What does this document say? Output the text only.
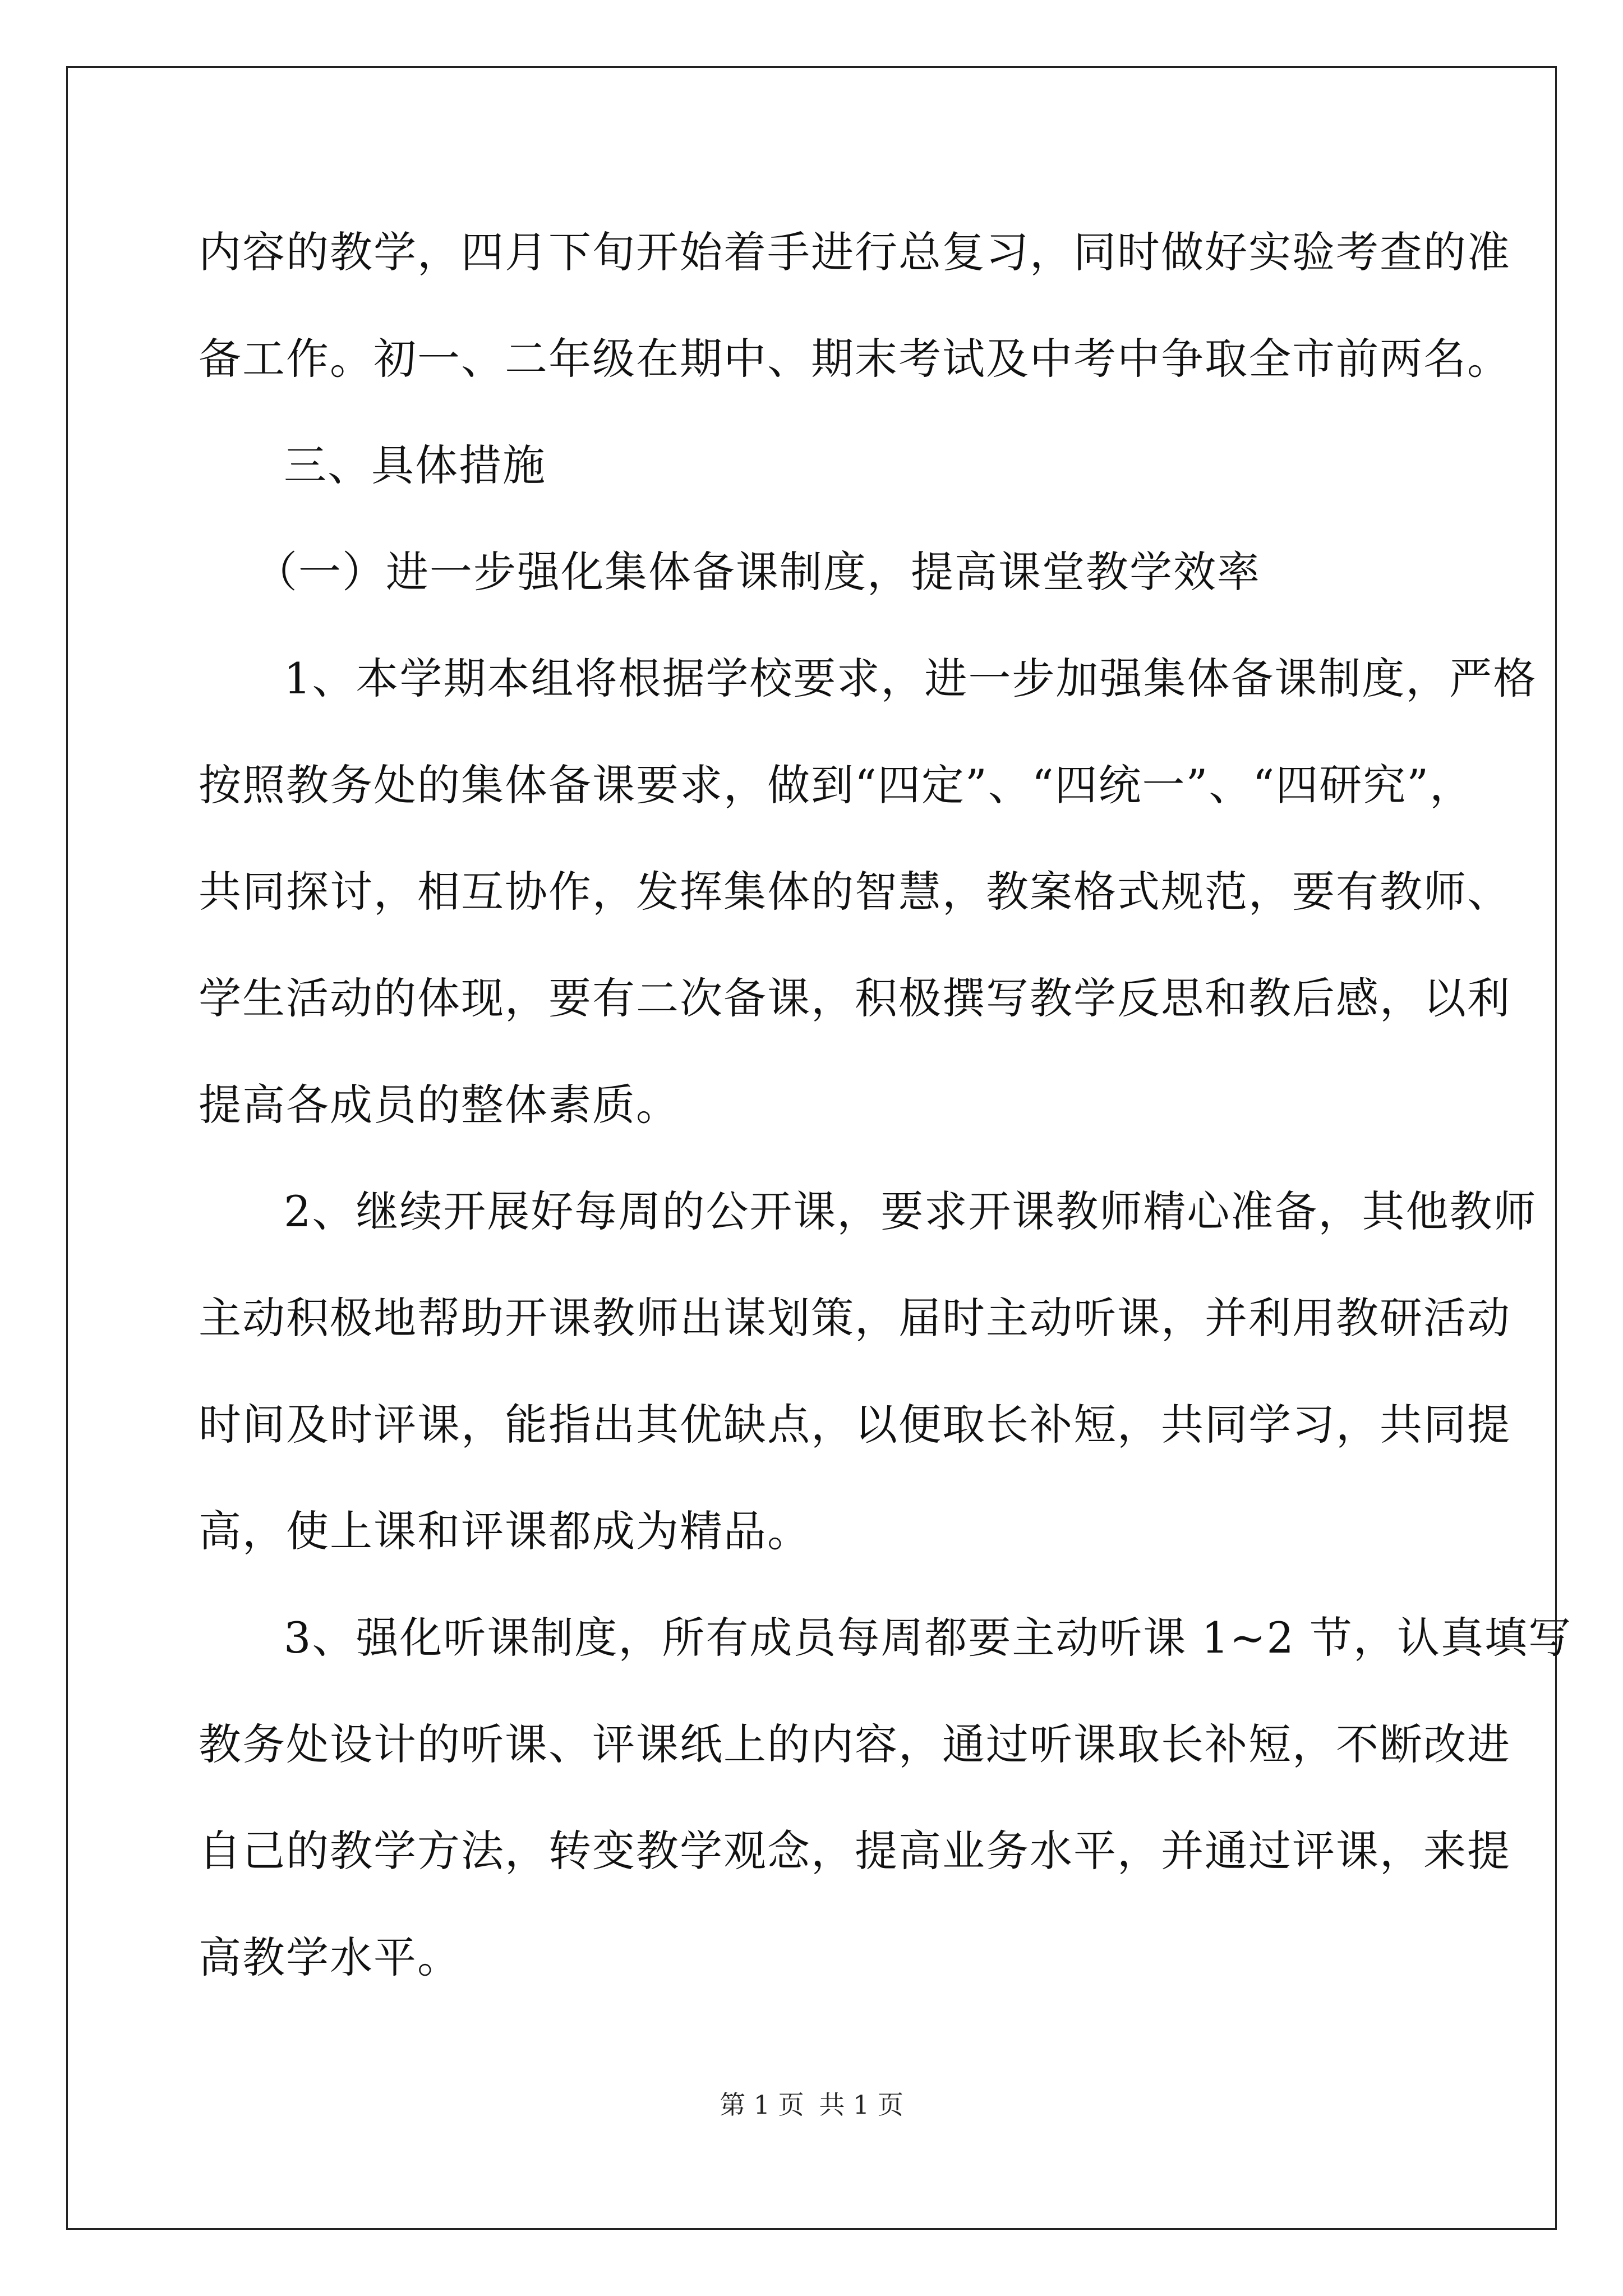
内容的教学，四月下旬开始着手进行总复习，同时做好实验考查的准
备工作。初一、二年级在期中、期末考试及中考中争取全市前两名。
三、具体措施
（一）进一步强化集体备课制度，提高课堂教学效率
1、本学期本组将根据学校要求，进一步加强集体备课制度，严格
按照教务处的集体备课要求，做到“四定”、“四统一”、“四研究”，
共同探讨，相互协作，发挥集体的智慧，教案格式规范，要有教师、
学生活动的体现，要有二次备课，积极撰写教学反思和教后感，以利
提高各成员的整体素质。
2、继续开展好每周的公开课，要求开课教师精心准备，其他教师
主动积极地帮助开课教师出谋划策，届时主动听课，并利用教研活动
时间及时评课，能指出其优缺点，以便取长补短，共同学习，共同提
高，使上课和评课都成为精品。
3、强化听课制度，所有成员每周都要主动听课 1~2 节，认真填写
教务处设计的听课、评课纸上的内容，通过听课取长补短，不断改进
自己的教学方法，转变教学观念，提高业务水平，并通过评课，来提
高教学水平。
第 1 页 共 1 页
